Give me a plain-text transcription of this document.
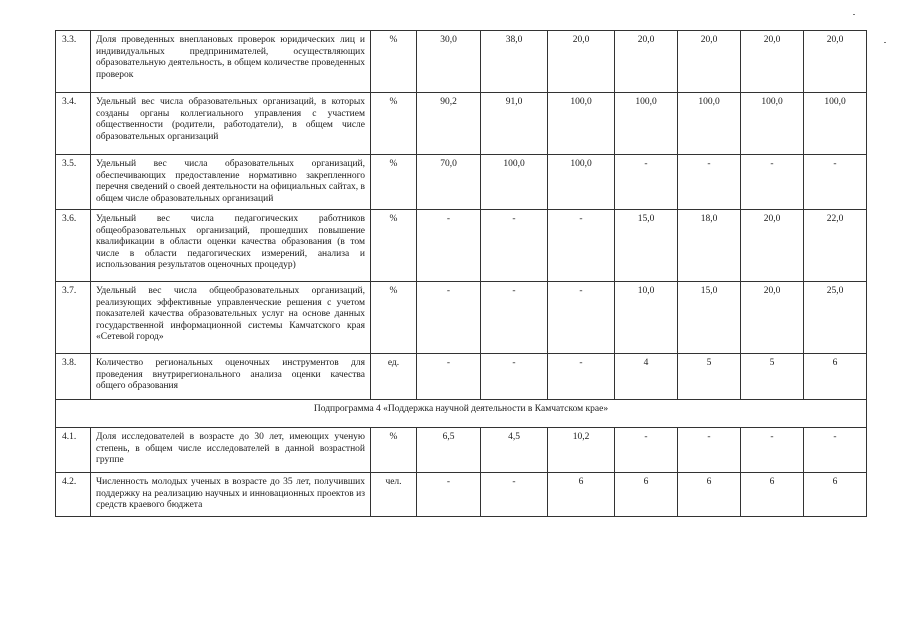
3.3.	Доля проведенных внеплановых проверок юридических лиц и индивидуальных предпринимателей, осуществляющих образовательную деятельность, в общем количестве проведенных проверок	%	30,0	38,0	20,0	20,0	20,0	20,0	20,0
3.4.	Удельный вес числа образовательных организаций, в которых созданы органы коллегиального управления с участием общественности (родители, работодатели), в общем числе образовательных организаций	%	90,2	91,0	100,0	100,0	100,0	100,0	100,0
3.5.	Удельный вес числа образовательных организаций, обеспечивающих предоставление нормативно закрепленного перечня сведений о своей деятельности на официальных сайтах, в общем числе образовательных организаций	%	70,0	100,0	100,0	-	-	-	-
3.6.	Удельный вес числа педагогических работников общеобразовательных организаций, прошедших повышение квалификации в области оценки качества образования (в том числе в области педагогических измерений, анализа и использования результатов оценочных процедур)	%	-	-	-	15,0	18,0	20,0	22,0
3.7.	Удельный вес числа общеобразовательных организаций, реализующих эффективные управленческие решения с учетом показателей качества образовательных услуг на основе данных государственной информационной системы Камчатского края «Сетевой город»	%	-	-	-	10,0	15,0	20,0	25,0
3.8.	Количество региональных оценочных инструментов для проведения внутрирегионального анализа оценки качества общего образования	ед.	-	-	-	4	5	5	6
Подпрограмма 4 «Поддержка научной деятельности в Камчатском крае»									
4.1.	Доля исследователей в возрасте до 30 лет, имеющих ученую степень, в общем числе исследователей в данной возрастной группе	%	6,5	4,5	10,2	-	-	-	-
4.2.	Численность молодых ученых в возрасте до 35 лет, получивших поддержку на реализацию научных и инновационных проектов из средств краевого бюджета	чел.	-	-	6	6	6	6	6
